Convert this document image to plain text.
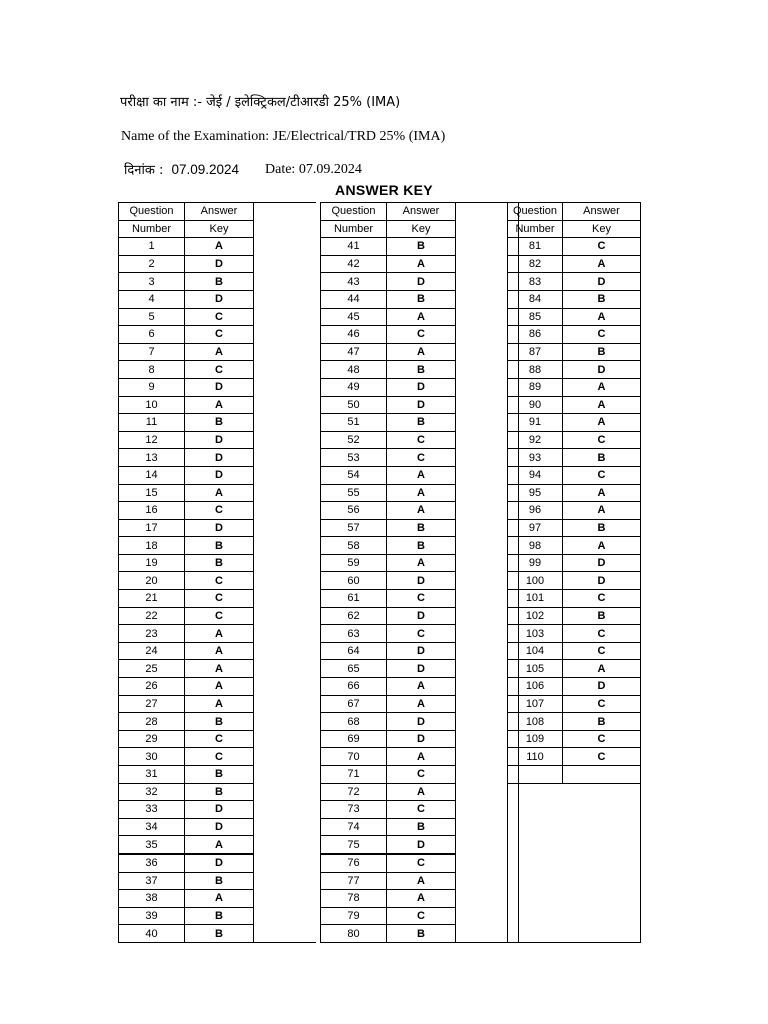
परीक्षा का नाम :- जेई / इलेक्ट्रिकल/टीआरडी 25% (IMA)
Name of the Examination: JE/Electrical/TRD 25% (IMA)
दिनांक : 07.09.2024 Date: 07.09.2024
ANSWER KEY
Question	Answer	
Number	Key	
1	A	
2	D	
3	B	
4	D	
5	C	
6	C	
7	A	
8	C	
9	D	
10	A	
11	B	
12	D	
13	D	
14	D	
15	A	
16	C	
17	D	
18	B	
19	B	
20	C	
21	C	
22	C	
23	A	
24	A	
25	A	
26	A	
27	A	
28	B	
29	C	
30	C	
31	B	
32	B	
33	D	
34	D	
35	A	
36	D	
37	B	
38	A	
39	B	
40	B	
Question	Answer	
Number	Key	
41	B	
42	A	
43	D	
44	B	
45	A	
46	C	
47	A	
48	B	
49	D	
50	D	
51	B	
52	C	
53	C	
54	A	
55	A	
56	A	
57	B	
58	B	
59	A	
60	D	
61	C	
62	D	
63	C	
64	D	
65	D	
66	A	
67	A	
68	D	
69	D	
70	A	
71	C	
72	A	
73	C	
74	B	
75	D	
76	C	
77	A	
78	A	
79	C	
80	B	
Question	Answer
Number	Key
81	C
82	A
83	D
84	B
85	A
86	C
87	B
88	D
89	A
90	A
91	A
92	C
93	B
94	C
95	A
96	A
97	B
98	A
99	D
100	D
101	C
102	B
103	C
104	C
105	A
106	D
107	C
108	B
109	C
110	C
